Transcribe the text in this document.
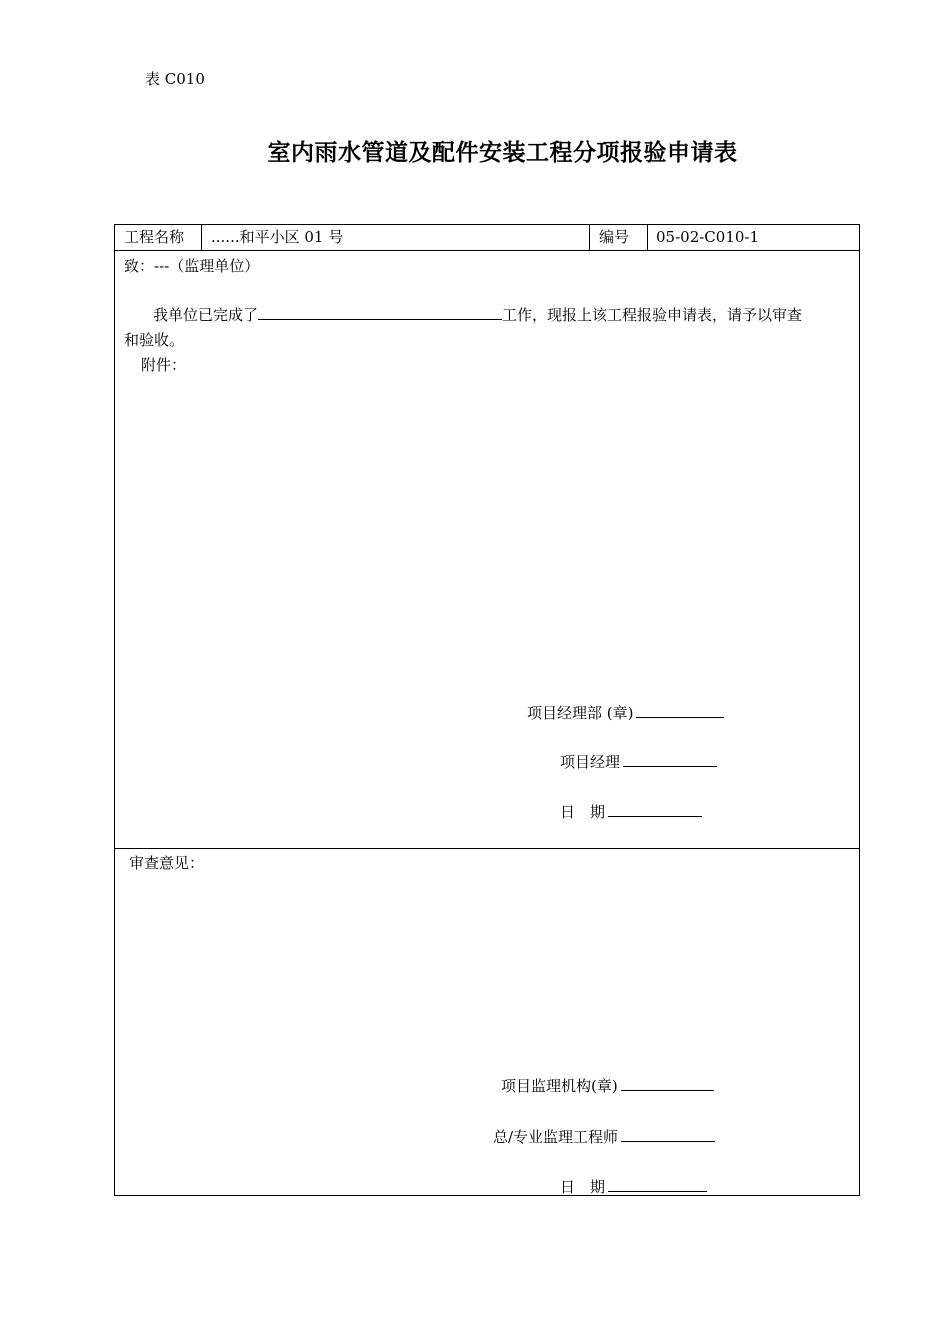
表 C010
室内雨水管道及配件安装工程分项报验申请表
工程名称	......和平小区 01 号	编号	05-02-C010-1
致：---（监理单位）
我单位已完成了	工作，现报上该工程报验申请表，请予以审查
和验收。
附件：
项目经理部 (章)
项目经理
日　期
审查意见：
项目监理机构(章)
总/专业监理工程师
日　期
